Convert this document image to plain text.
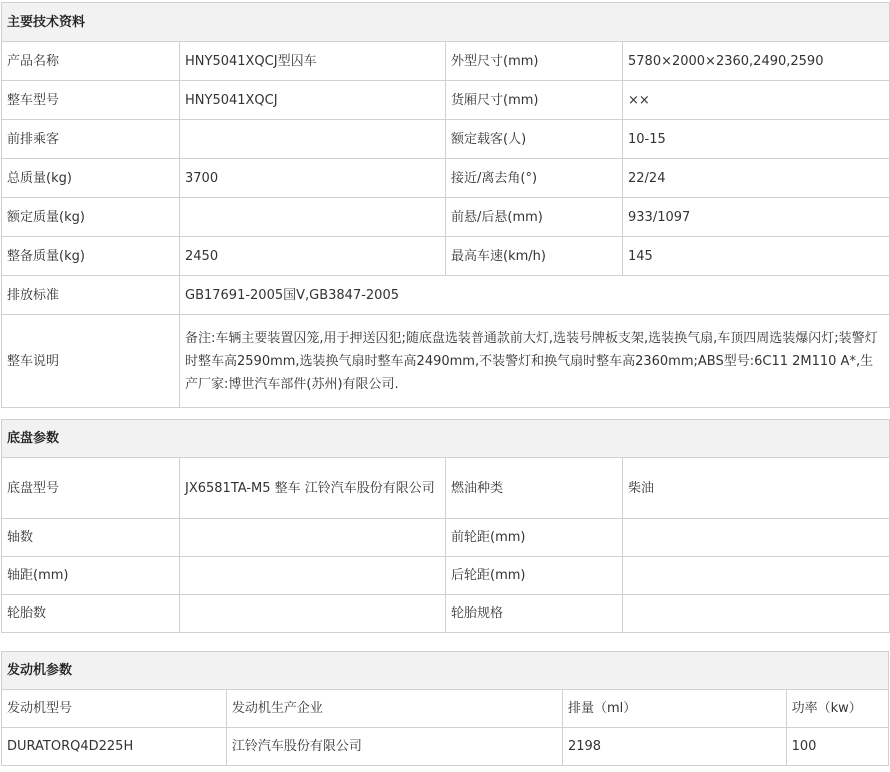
主要技术资料			
产品名称	HNY5041XQCJ型囚车	外型尺寸(mm)	5780×2000×2360,2490,2590
整车型号	HNY5041XQCJ	货厢尺寸(mm)	××
前排乘客		额定载客(人)	10-15
总质量(kg)	3700	接近/离去角(°)	22/24
额定质量(kg)		前悬/后悬(mm)	933/1097
整备质量(kg)	2450	最高车速(km/h)	145
排放标准	GB17691-2005国Ⅴ,GB3847-2005		
整车说明	备注:车辆主要装置囚笼,用于押送囚犯;随底盘选装普通款前大灯,选装号牌板支架,选装换气扇,车顶四周选装爆闪灯;装警灯时整车高2590mm,选装换气扇时整车高2490mm,不装警灯和换气扇时整车高2360mm;ABS型号:6C11 2M110 A*,生产厂家:博世汽车部件(苏州)有限公司.		
底盘参数			
底盘型号	JX6581TA-M5 整车 江铃汽车股份有限公司	燃油种类	柴油
轴数		前轮距(mm)	
轴距(mm)		后轮距(mm)	
轮胎数		轮胎规格	
发动机参数			
发动机型号	发动机生产企业	排量（ml）	功率（kw）
DURATORQ4D225H	江铃汽车股份有限公司	2198	100
